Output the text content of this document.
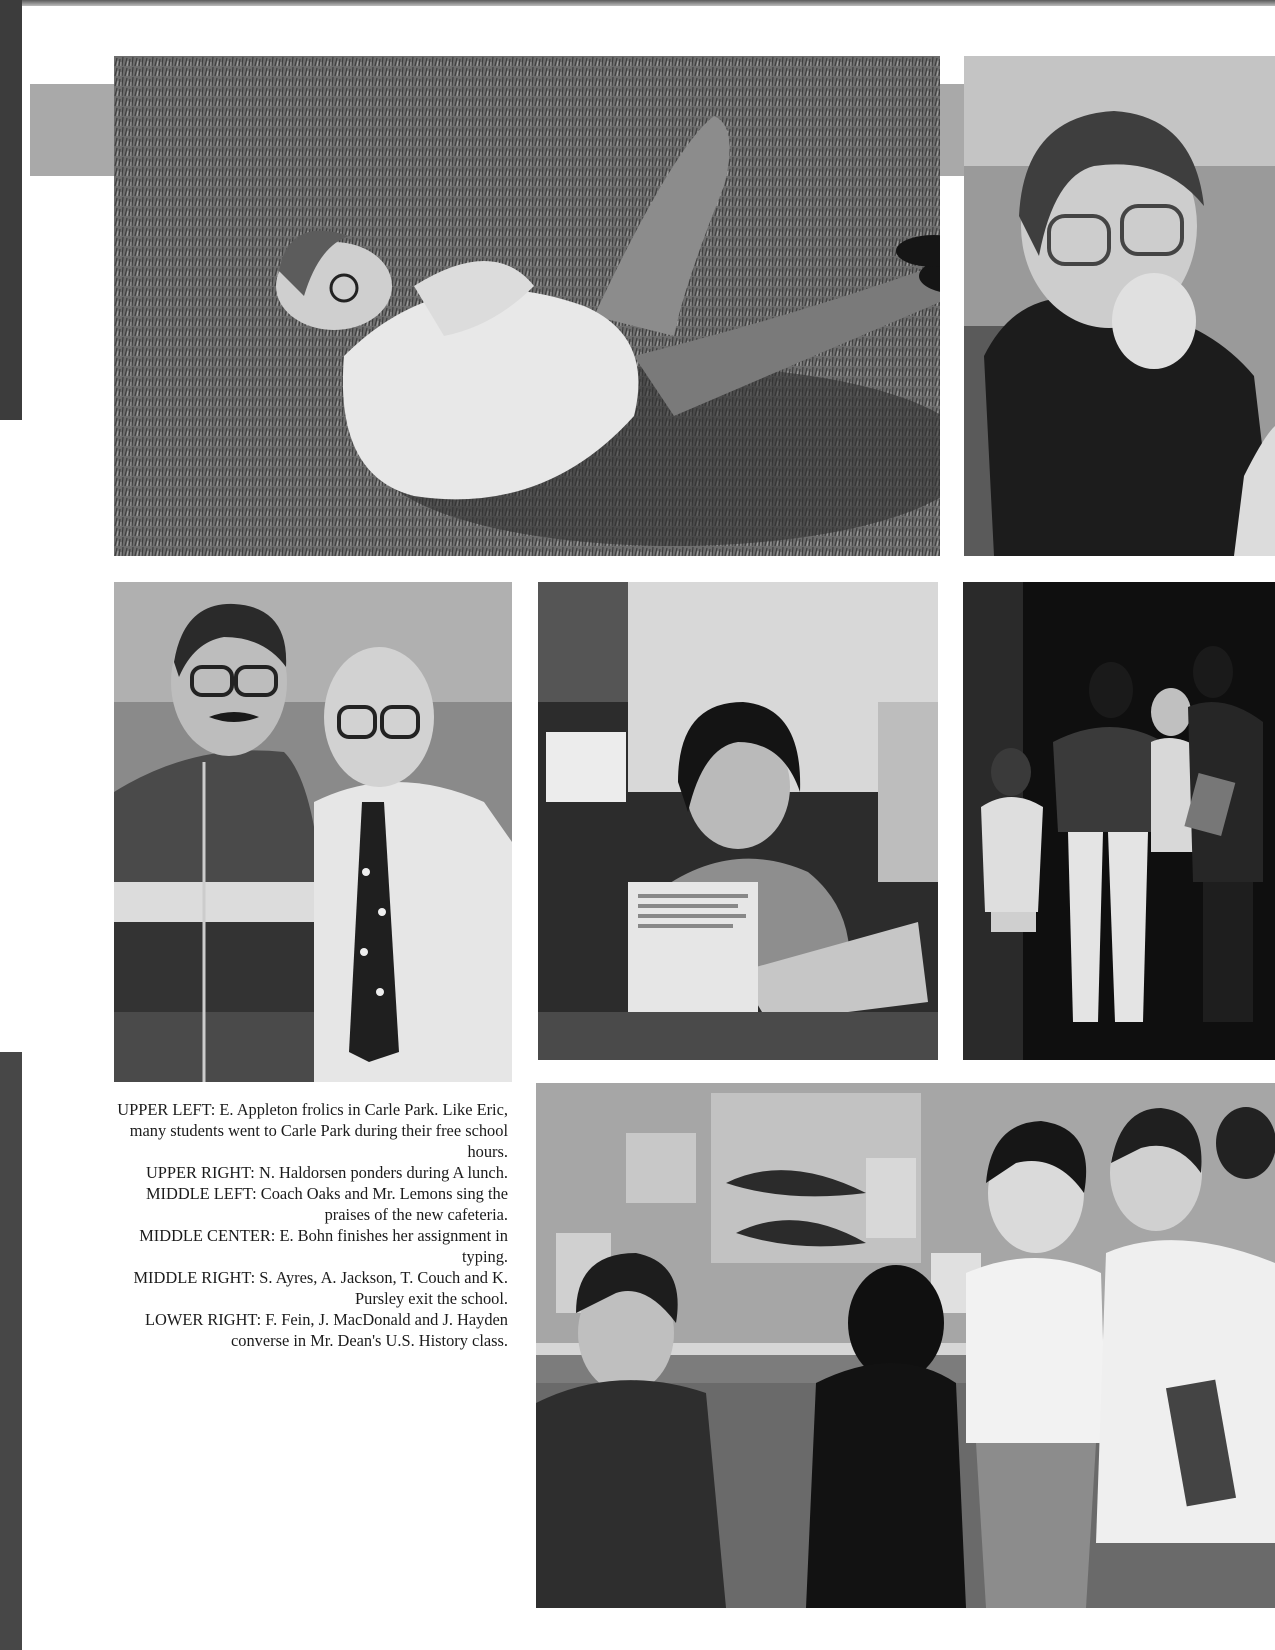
UPPER LEFT: E. Appleton frolics in Carle Park. Like Eric, many students went to Carle Park during their free school hours.

UPPER RIGHT: N. Haldorsen ponders during A lunch.

MIDDLE LEFT: Coach Oaks and Mr. Lemons sing the praises of the new cafeteria.

MIDDLE CENTER: E. Bohn finishes her assignment in typing.

MIDDLE RIGHT: S. Ayres, A. Jackson, T. Couch and K. Pursley exit the school.

LOWER RIGHT: F. Fein, J. MacDonald and J. Hayden converse in Mr. Dean's U.S. History class.
